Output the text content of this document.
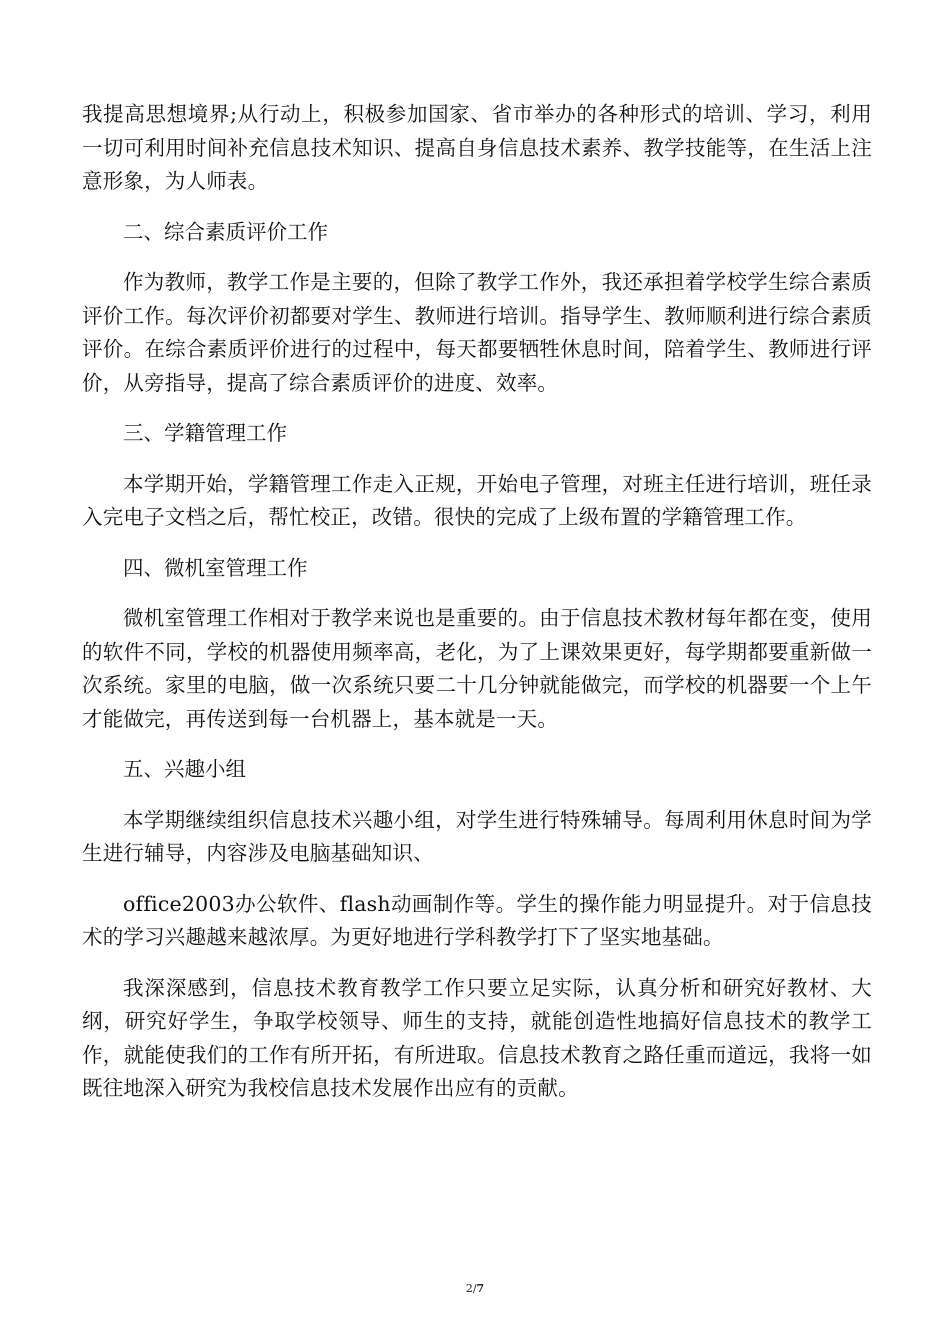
我提高思想境界;从行动上，积极参加国家、省市举办的各种形式的培训、学习，利用一切可利用时间补充信息技术知识、提高自身信息技术素养、教学技能等，在生活上注意形象，为人师表。

二、综合素质评价工作

作为教师，教学工作是主要的，但除了教学工作外，我还承担着学校学生综合素质评价工作。每次评价初都要对学生、教师进行培训。指导学生、教师顺利进行综合素质评价。在综合素质评价进行的过程中，每天都要牺牲休息时间，陪着学生、教师进行评价，从旁指导，提高了综合素质评价的进度、效率。

三、学籍管理工作

本学期开始，学籍管理工作走入正规，开始电子管理，对班主任进行培训，班任录入完电子文档之后，帮忙校正，改错。很快的完成了上级布置的学籍管理工作。

四、微机室管理工作

微机室管理工作相对于教学来说也是重要的。由于信息技术教材每年都在变，使用的软件不同，学校的机器使用频率高，老化，为了上课效果更好，每学期都要重新做一次系统。家里的电脑，做一次系统只要二十几分钟就能做完，而学校的机器要一个上午才能做完，再传送到每一台机器上，基本就是一天。

五、兴趣小组

本学期继续组织信息技术兴趣小组，对学生进行特殊辅导。每周利用休息时间为学生进行辅导，内容涉及电脑基础知识、

office2003办公软件、flash动画制作等。学生的操作能力明显提升。对于信息技术的学习兴趣越来越浓厚。为更好地进行学科教学打下了坚实地基础。

我深深感到，信息技术教育教学工作只要立足实际，认真分析和研究好教材、大纲，研究好学生，争取学校领导、师生的支持，就能创造性地搞好信息技术的教学工作，就能使我们的工作有所开拓，有所进取。信息技术教育之路任重而道远，我将一如既往地深入研究为我校信息技术发展作出应有的贡献。

2/7
